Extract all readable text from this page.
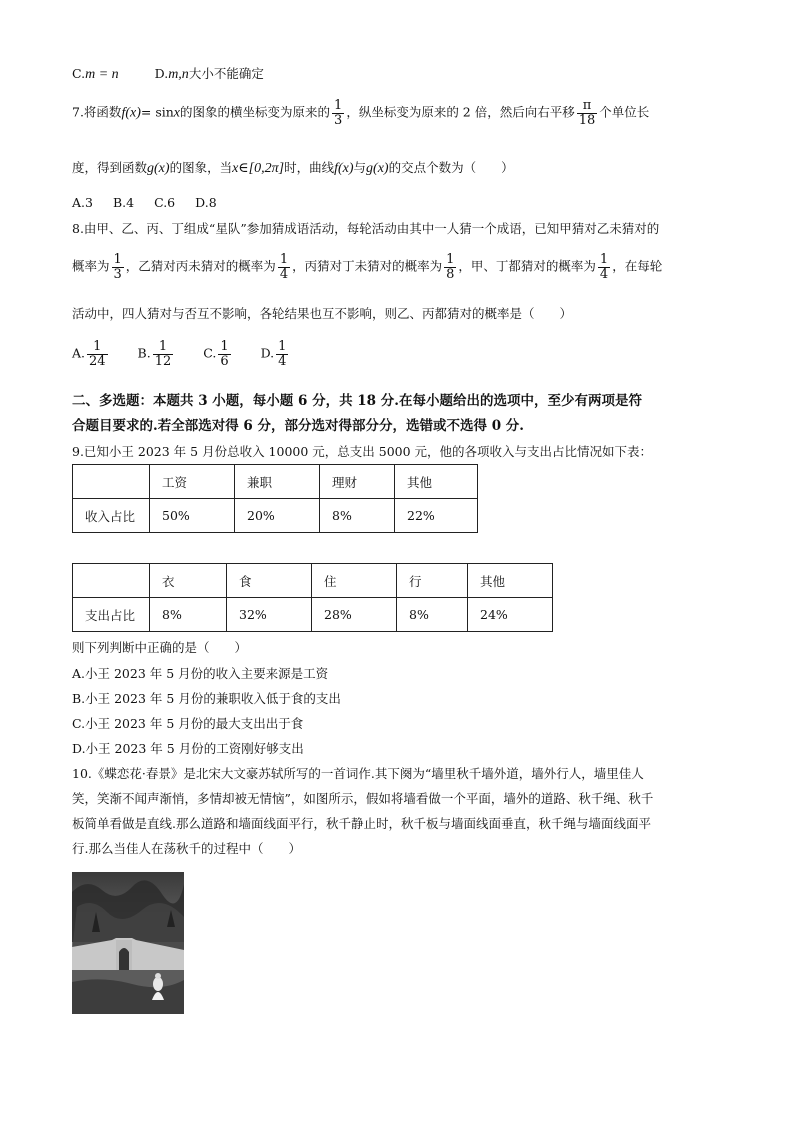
C.m = n	D.m,n大小不能确定
7.将函数f(x)= sinx的图象的横坐标变为原来的 $\frac{1}{3}$ ，纵坐标变为原来的 2 倍，然后向右平移 $\frac{\pi}{18}$ 个单位长
度，得到函数g(x)的图象，当x∈[0,2π]时，曲线f(x)与g(x)的交点个数为（　　）
A.3 B.4 C.6 D.8
8.由甲、乙、丙、丁组成“星队”参加猜成语活动，每轮活动由其中一人猜一个成语，已知甲猜对乙未猜对的
概率为 $\frac{1}{3}$ ，乙猜对丙未猜对的概率为 $\frac{1}{4}$ ，丙猜对丁未猜对的概率为 $\frac{1}{8}$ ，甲、丁都猜对的概率为 $\frac{1}{4}$ ，在每轮
活动中，四人猜对与否互不影响，各轮结果也互不影响，则乙、丙都猜对的概率是（　　）
A. $\frac{1}{24} B$. $\frac{1}{12} C$. $\frac{1}{6} D$. $\frac{1}{4}$
二、多选题：本题共 3 小题，每小题 6 分，共 18 分.在每小题给出的选项中，至少有两项是符
合题目要求的.若全部选对得 6 分，部分选对得部分分，选错或不选得 0 分.
9.已知小王 2023 年 5 月份总收入 10000 元，总支出 5000 元，他的各项收入与支出占比情况如下表：
	工资	兼职	理财	其他
收入占比	50%	20%	8%	22%
	衣	食	住	行	其他
支出占比	8%	32%	28%	8%	24%
则下列判断中正确的是（　　）
A.小王 2023 年 5 月份的收入主要来源是工资
B.小王 2023 年 5 月份的兼职收入低于食的支出
C.小王 2023 年 5 月份的最大支出出于食
D.小王 2023 年 5 月份的工资刚好够支出
10.《蝶恋花·春景》是北宋大文豪苏轼所写的一首词作.其下阕为“墙里秋千墙外道，墙外行人，墙里佳人
笑，笑渐不闻声渐悄，多情却被无情恼”，如图所示，假如将墙看做一个平面，墙外的道路、秋千绳、秋千
板简单看做是直线.那么道路和墙面线面平行，秋千静止时，秋千板与墙面线面垂直，秋千绳与墙面线面平
行.那么当佳人在荡秋千的过程中（　　）
